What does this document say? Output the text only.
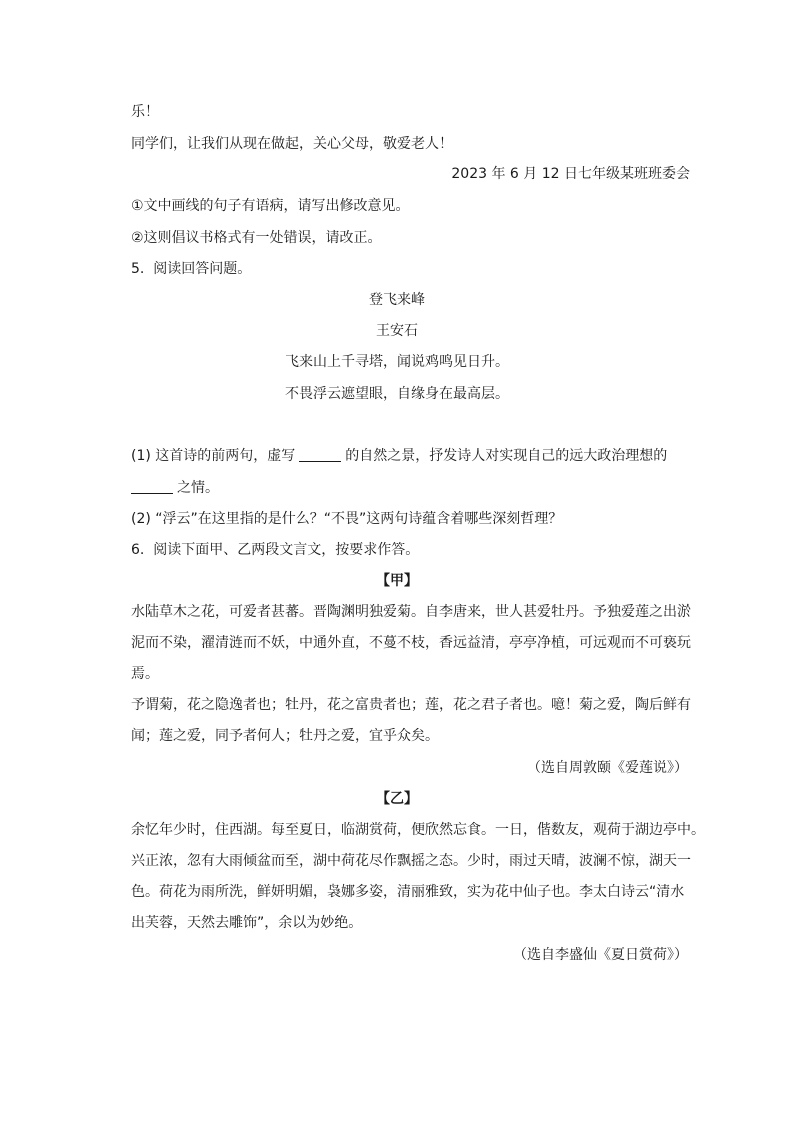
乐！
同学们，让我们从现在做起，关心父母，敬爱老人！
2023 年 6 月 12 日七年级某班班委会
①文中画线的句子有语病，请写出修改意见。
②这则倡议书格式有一处错误，请改正。
5. 阅读回答问题。
登飞来峰
王安石
飞来山上千寻塔，闻说鸡鸣见日升。
不畏浮云遮望眼，自缘身在最高层。
(1) 这首诗的前两句，虚写	的自然之景，抒发诗人对实现自己的远大政治理想的
之情。
(2) “浮云”在这里指的是什么？“不畏”这两句诗蕴含着哪些深刻哲理？
6. 阅读下面甲、乙两段文言文，按要求作答。
【甲】
水陆草木之花，可爱者甚蕃。晋陶渊明独爱菊。自李唐来，世人甚爱牡丹。予独爱莲之出淤
泥而不染，濯清涟而不妖，中通外直，不蔓不枝，香远益清，亭亭净植，可远观而不可亵玩
焉。
予谓菊，花之隐逸者也；牡丹，花之富贵者也；莲，花之君子者也。噫！菊之爱，陶后鲜有
闻；莲之爱，同予者何人；牡丹之爱，宜乎众矣。
（选自周敦颐《爱莲说》）
【乙】
余忆年少时，住西湖。每至夏日，临湖赏荷，便欣然忘食。一日，偕数友，观荷于湖边亭中。
兴正浓，忽有大雨倾盆而至，湖中荷花尽作飘摇之态。少时，雨过天晴，波澜不惊，湖天一
色。荷花为雨所洗，鲜妍明媚，袅娜多姿，清丽雅致，实为花中仙子也。李太白诗云“清水
出芙蓉，天然去雕饰”，余以为妙绝。
（选自李盛仙《夏日赏荷》）
